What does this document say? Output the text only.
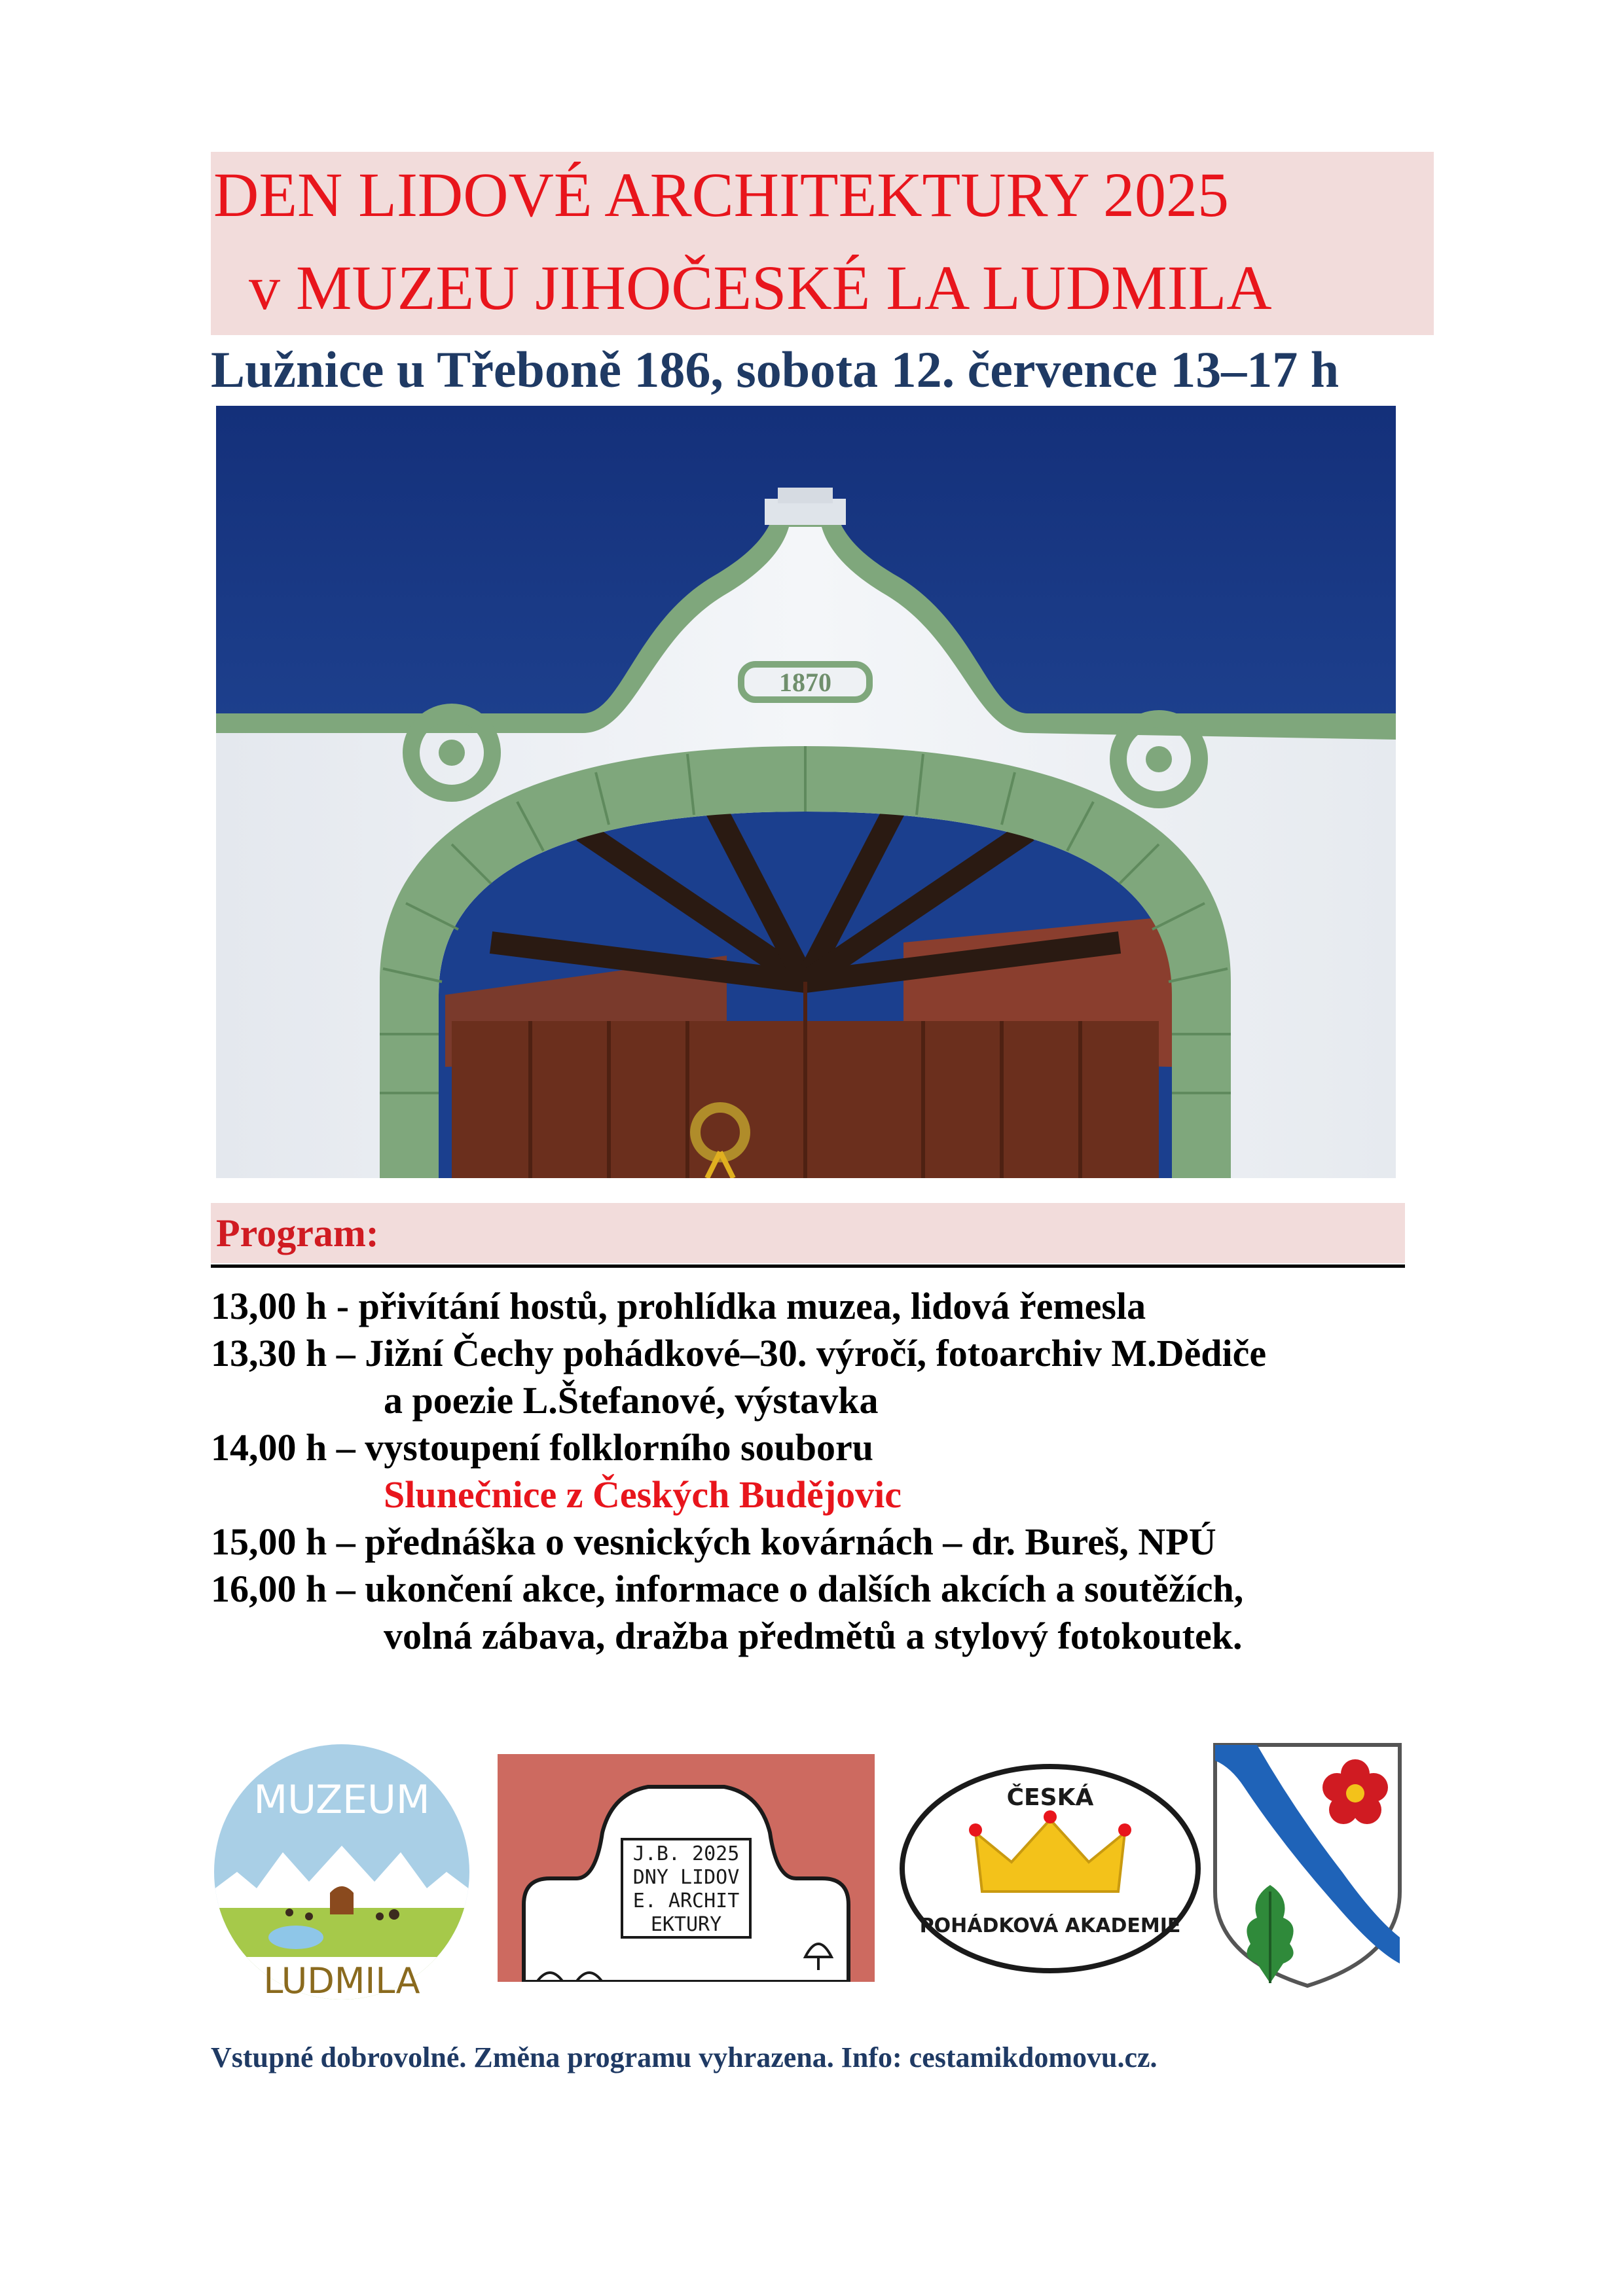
DEN LIDOVÉ ARCHITEKTURY 2025
v MUZEU JIHOČESKÉ LA LUDMILA
Lužnice u Třeboně 186, sobota 12. července 13–17 h
1870
Program:
13,00 h - přivítání hostů, prohlídka muzea, lidová řemesla
13,30 h – Jižní Čechy pohádkové–30. výročí, fotoarchiv M.Dědiče
a poezie L.Štefanové, výstavka
14,00 h – vystoupení folklorního souboru
Slunečnice z Českých Budějovic
15,00 h – přednáška o vesnických kovárnách – dr. Bureš, NPÚ
16,00 h – ukončení akce, informace o dalších akcích a soutěžích,
volná zábava, dražba předmětů a stylový fotokoutek.
MUZEUM
LUDMILA
J.B. 2025
DNY LIDOV
E. ARCHIT
EKTURY
ČESKÁ
POHÁDKOVÁ AKADEMIE
Vstupné dobrovolné. Změna programu vyhrazena. Info: cestamikdomovu.cz.
